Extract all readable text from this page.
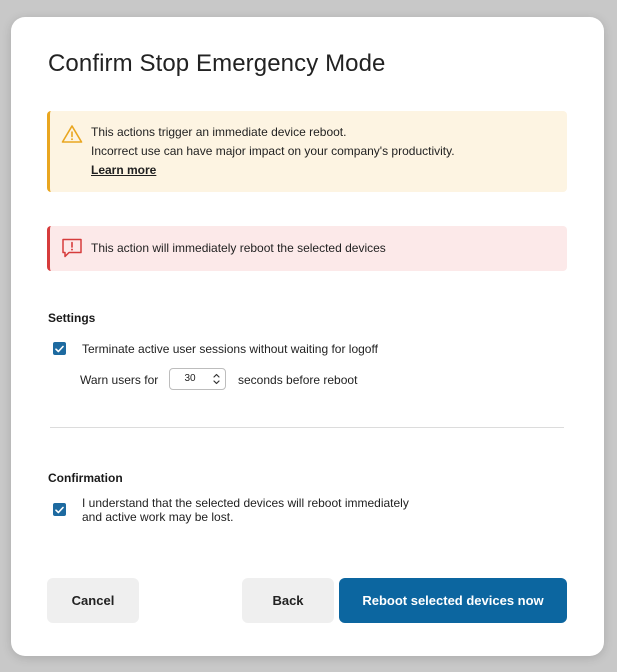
Confirm Stop Emergency Mode
This actions trigger an immediate device reboot.
Incorrect use can have major impact on your company's productivity.
Learn more
This action will immediately reboot the selected devices
Settings
Terminate active user sessions without waiting for logoff
Warn users for	30	seconds before reboot
Confirmation
I understand that the selected devices will reboot immediately
and active work may be lost.
Cancel	Back	Reboot selected devices now
